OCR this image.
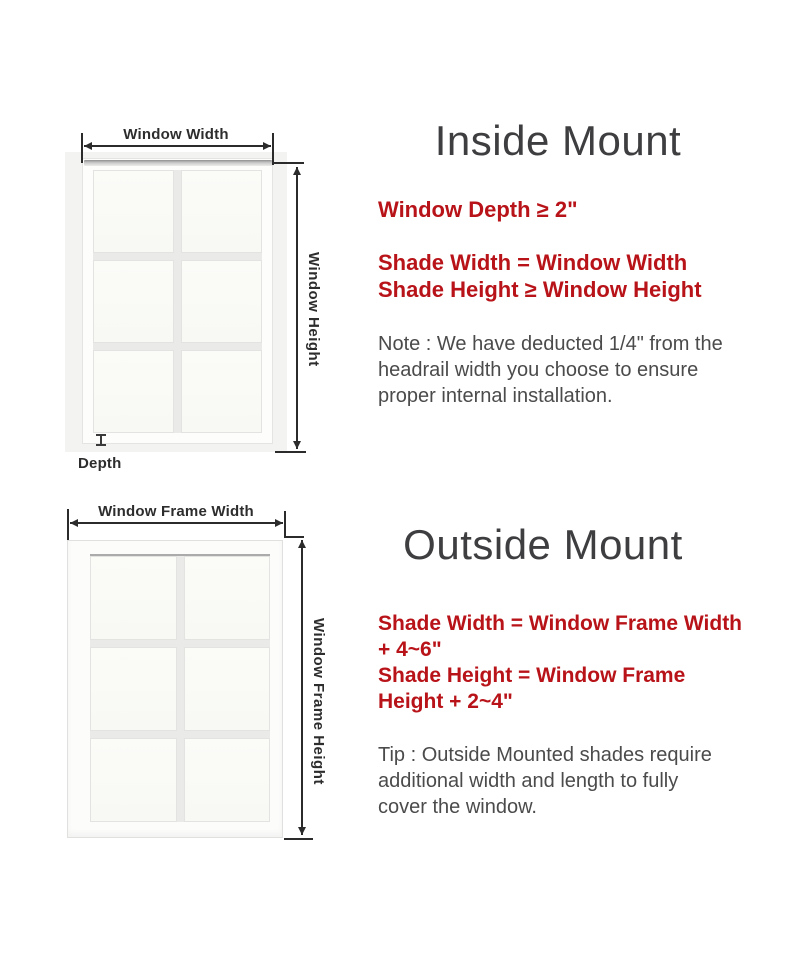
Window Width
Window Height
Depth
Inside Mount
Window Depth ≥ 2"
Shade Width = Window Width
Shade Height ≥ Window Height
Note : We have deducted 1/4" from the
headrail width you choose to ensure
proper internal installation.
Window Frame Width
Window Frame Height
Outside Mount
Shade Width = Window Frame Width
+ 4~6"
Shade Height = Window Frame
Height + 2~4"
Tip : Outside Mounted shades require
additional width and length to fully
cover the window.
